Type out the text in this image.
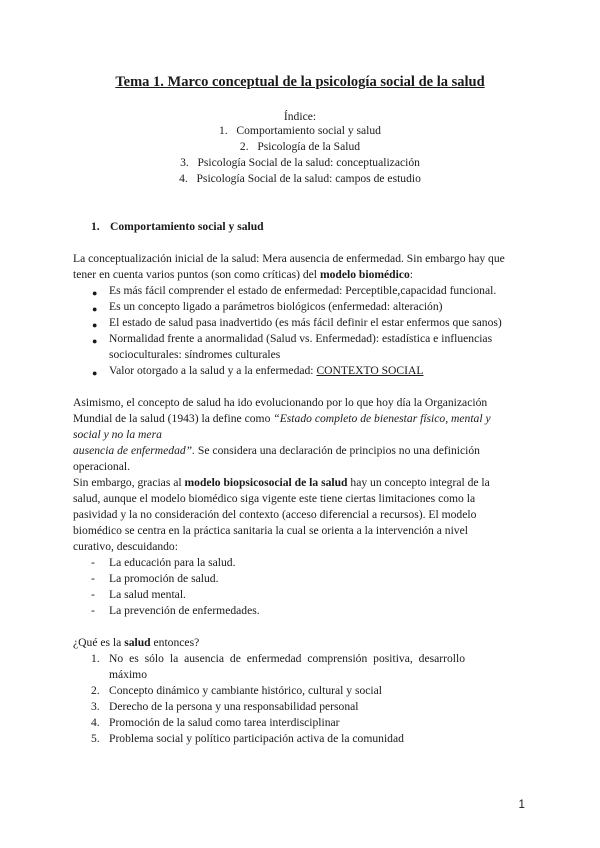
Tema 1. Marco conceptual de la psicología social de la salud
Índice:
1. Comportamiento social y salud
2. Psicología de la Salud
3. Psicología Social de la salud: conceptualización
4. Psicología Social de la salud: campos de estudio
1. Comportamiento social y salud
La conceptualización inicial de la salud: Mera ausencia de enfermedad. Sin embargo hay que
tener en cuenta varios puntos (son como críticas) del modelo biomédico:
● Es más fácil comprender el estado de enfermedad: Perceptible,capacidad funcional.
● Es un concepto ligado a parámetros biológicos (enfermedad: alteración)
● El estado de salud pasa inadvertido (es más fácil definir el estar enfermos que sanos)
● Normalidad frente a anormalidad (Salud vs. Enfermedad): estadística e influencias
socioculturales: síndromes culturales
● Valor otorgado a la salud y a la enfermedad: CONTEXTO SOCIAL
Asimismo, el concepto de salud ha ido evolucionando por lo que hoy día la Organización
Mundial de la salud (1943) la define como “Estado completo de bienestar físico, mental y
social y no la mera
ausencia de enfermedad”. Se considera una declaración de principios no una definición
operacional.
Sin embargo, gracias al modelo biopsicosocial de la salud hay un concepto integral de la
salud, aunque el modelo biomédico siga vigente este tiene ciertas limitaciones como la
pasividad y la no consideración del contexto (acceso diferencial a recursos). El modelo
biomédico se centra en la práctica sanitaria la cual se orienta a la intervención a nivel
curativo, descuidando:
- La educación para la salud.
- La promoción de salud.
- La salud mental.
- La prevención de enfermedades.
¿Qué es la salud entonces?
1. No es sólo la ausencia de enfermedad comprensión positiva, desarrollo
máximo
2. Concepto dinámico y cambiante histórico, cultural y social
3. Derecho de la persona y una responsabilidad personal
4. Promoción de la salud como tarea interdisciplinar
5. Problema social y político participación activa de la comunidad
1
